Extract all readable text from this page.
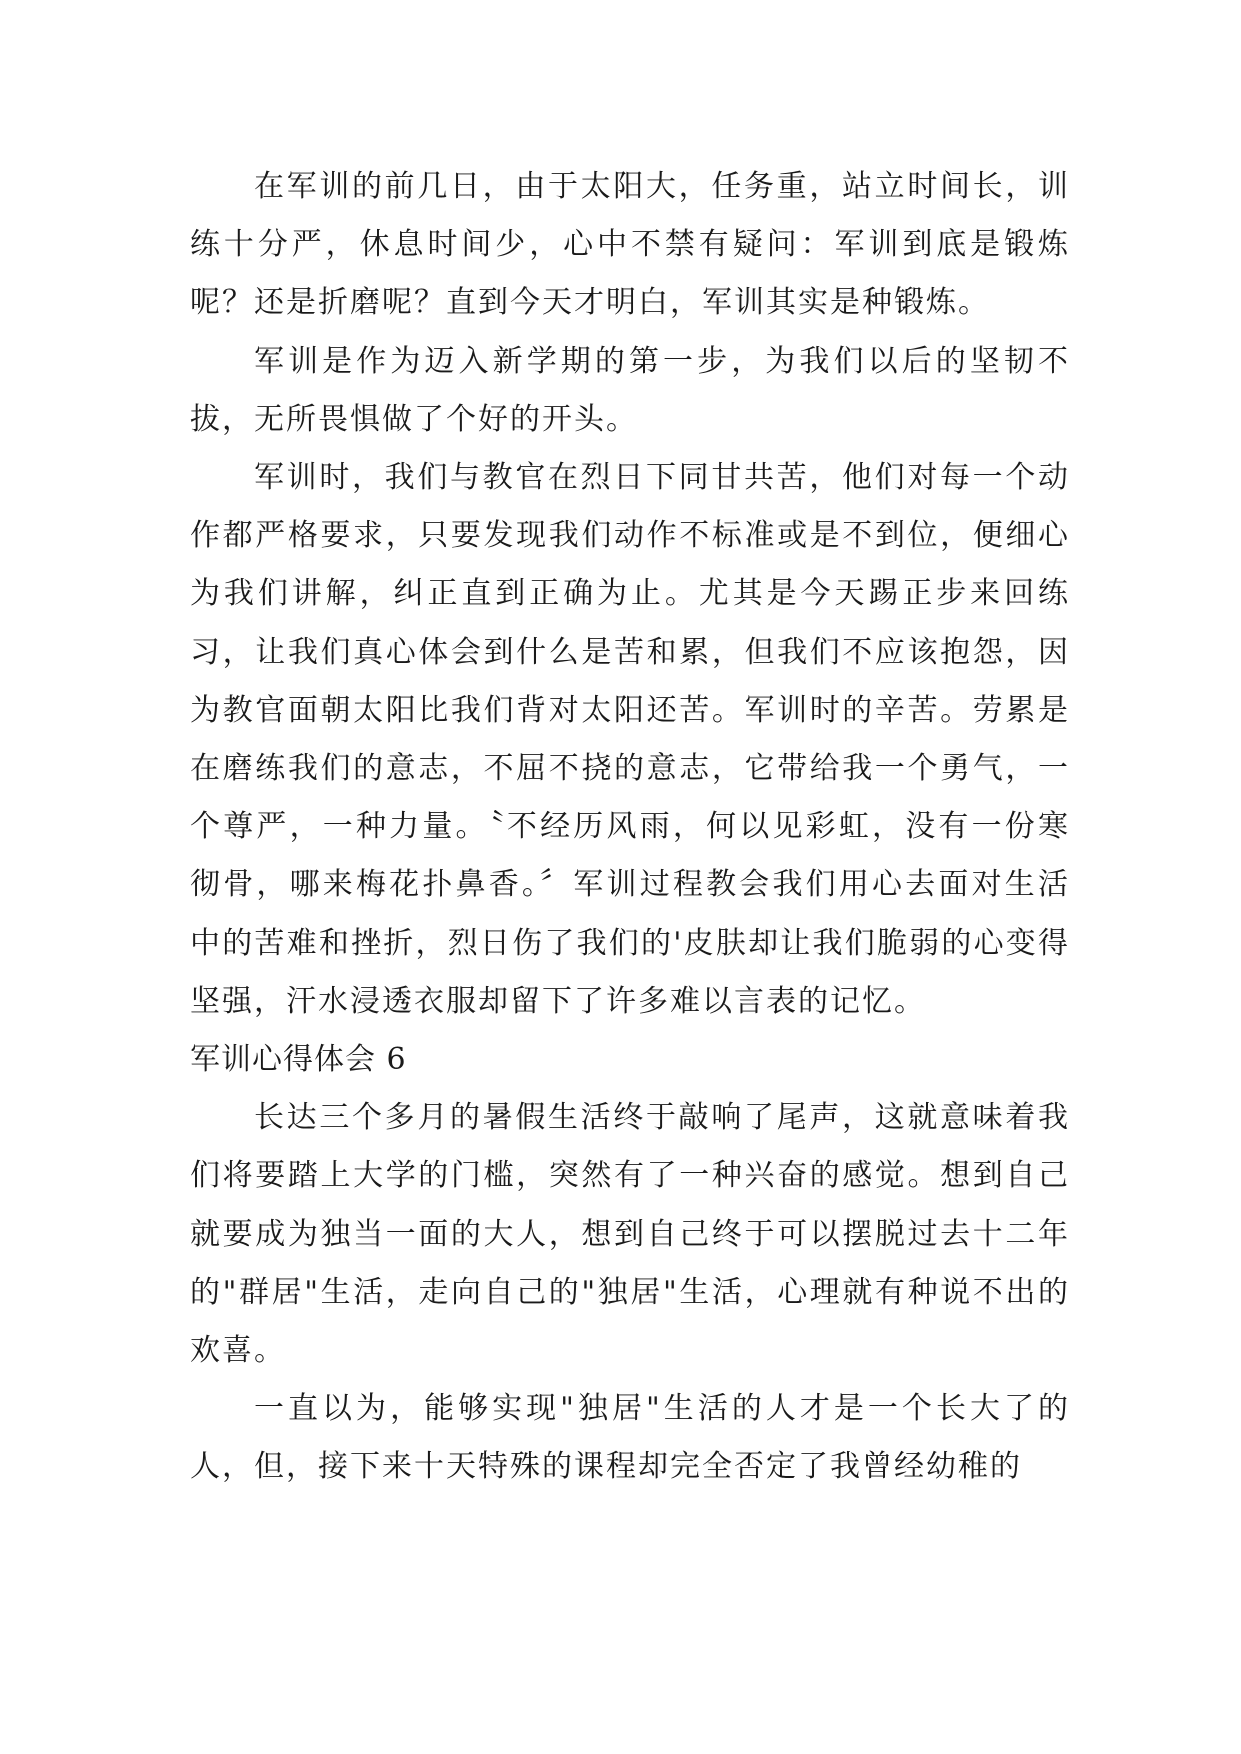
在军训的前几日，由于太阳大，任务重，站立时间长，训练十分严，休息时间少，心中不禁有疑问：军训到底是锻炼呢？还是折磨呢？直到今天才明白，军训其实是种锻炼。

军训是作为迈入新学期的第一步，为我们以后的坚韧不拔，无所畏惧做了个好的开头。

军训时，我们与教官在烈日下同甘共苦，他们对每一个动作都严格要求，只要发现我们动作不标准或是不到位，便细心为我们讲解，纠正直到正确为止。尤其是今天踢正步来回练习，让我们真心体会到什么是苦和累，但我们不应该抱怨，因为教官面朝太阳比我们背对太阳还苦。军训时的辛苦。劳累是在磨练我们的意志，不屈不挠的意志，它带给我一个勇气，一个尊严，一种力量。〝不经历风雨，何以见彩虹，没有一份寒彻骨，哪来梅花扑鼻香。〞军训过程教会我们用心去面对生活中的苦难和挫折，烈日伤了我们的'皮肤却让我们脆弱的心变得坚强，汗水浸透衣服却留下了许多难以言表的记忆。

军训心得体会 6

长达三个多月的暑假生活终于敲响了尾声，这就意味着我们将要踏上大学的门槛，突然有了一种兴奋的感觉。想到自己就要成为独当一面的大人，想到自己终于可以摆脱过去十二年的"群居"生活，走向自己的"独居"生活，心理就有种说不出的欢喜。

一直以为，能够实现"独居"生活的人才是一个长大了的人，但，接下来十天特殊的课程却完全否定了我曾经幼稚的
